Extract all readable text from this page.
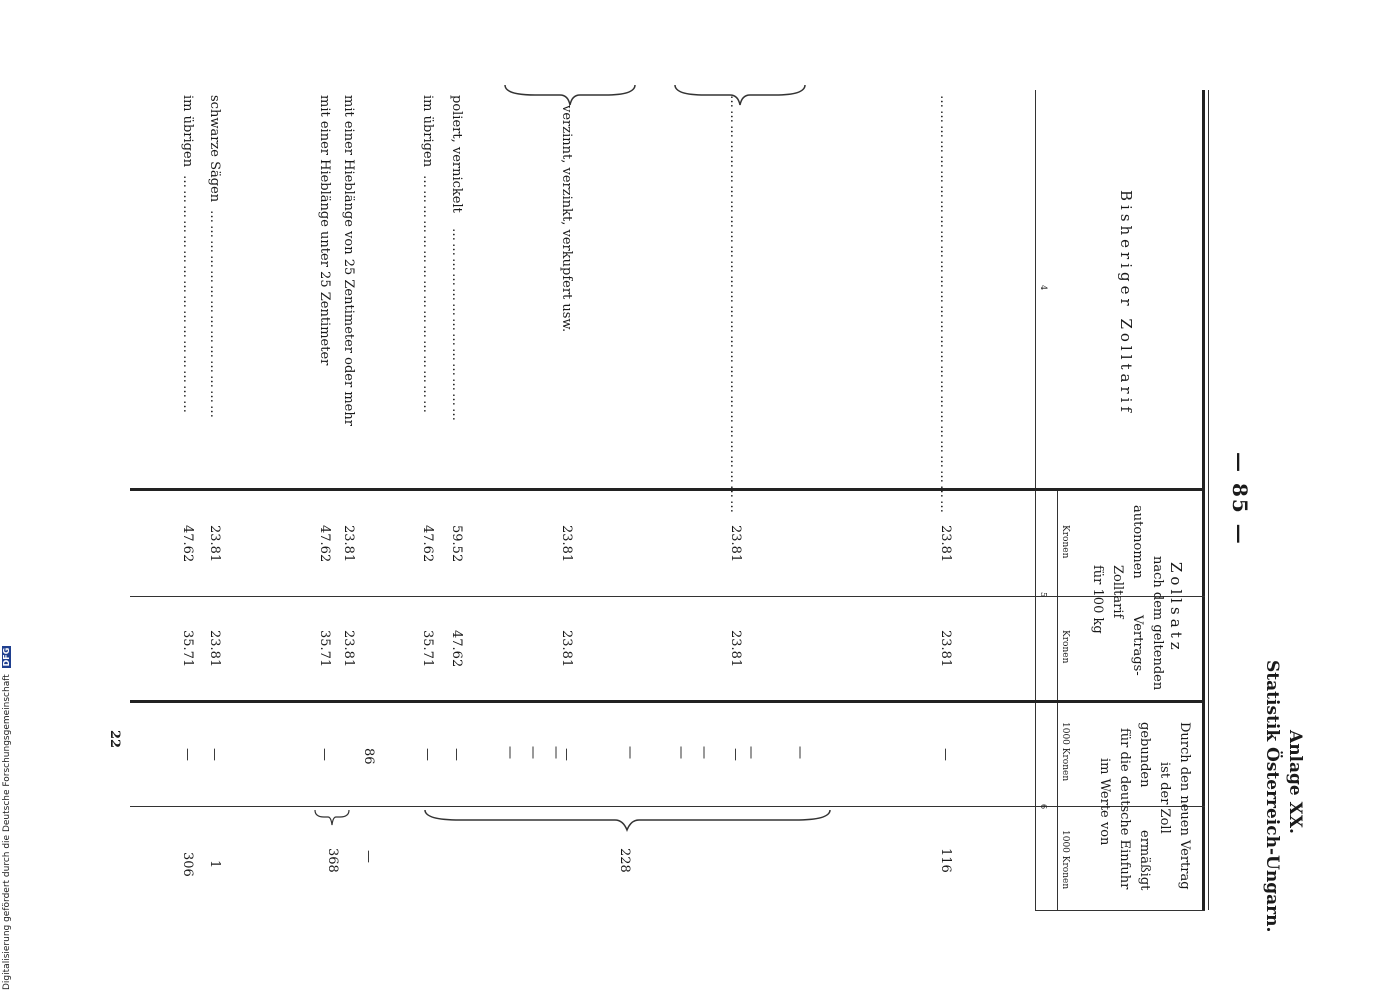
— 85 —
Anlage XX.
Statistik Österreich-Ungarn.
Bisheriger Zolltarif
4
Zollsatz
nach dem geltenden
autonomen
Vertrags-
Zolltarif
für 100 kg
Kronen
Kronen
5
Durch den neuen Vertrag
ist der Zoll
gebunden
ermäßigt
für die deutsche Einfuhr
im Werte von
1000 Kronen
1000 Kronen
6
…………………………………………………………………………
23.81
23.81
—
116
…………………………………………………………………………
23.81
23.81
—
verzinnt, verzinkt, verkupfert usw.
23.81
23.81
—
228
poliert, vernickelt
…………………………………
59.52
47.62
—
im übrigen
…………………………………………
47.62
35.71
—
mit einer Hieblänge von 25 Zentimeter oder mehr
23.81
23.81
86
—
mit einer Hieblänge unter 25 Zentimeter
47.62
35.71
—
368
schwarze Sägen
……………………………………
23.81
23.81
—
1
im übrigen
…………………………………………
47.62
35.71
—
306
22
Digitalisierung gefördert durch die Deutsche Forschungsgemeinschaft DFG
